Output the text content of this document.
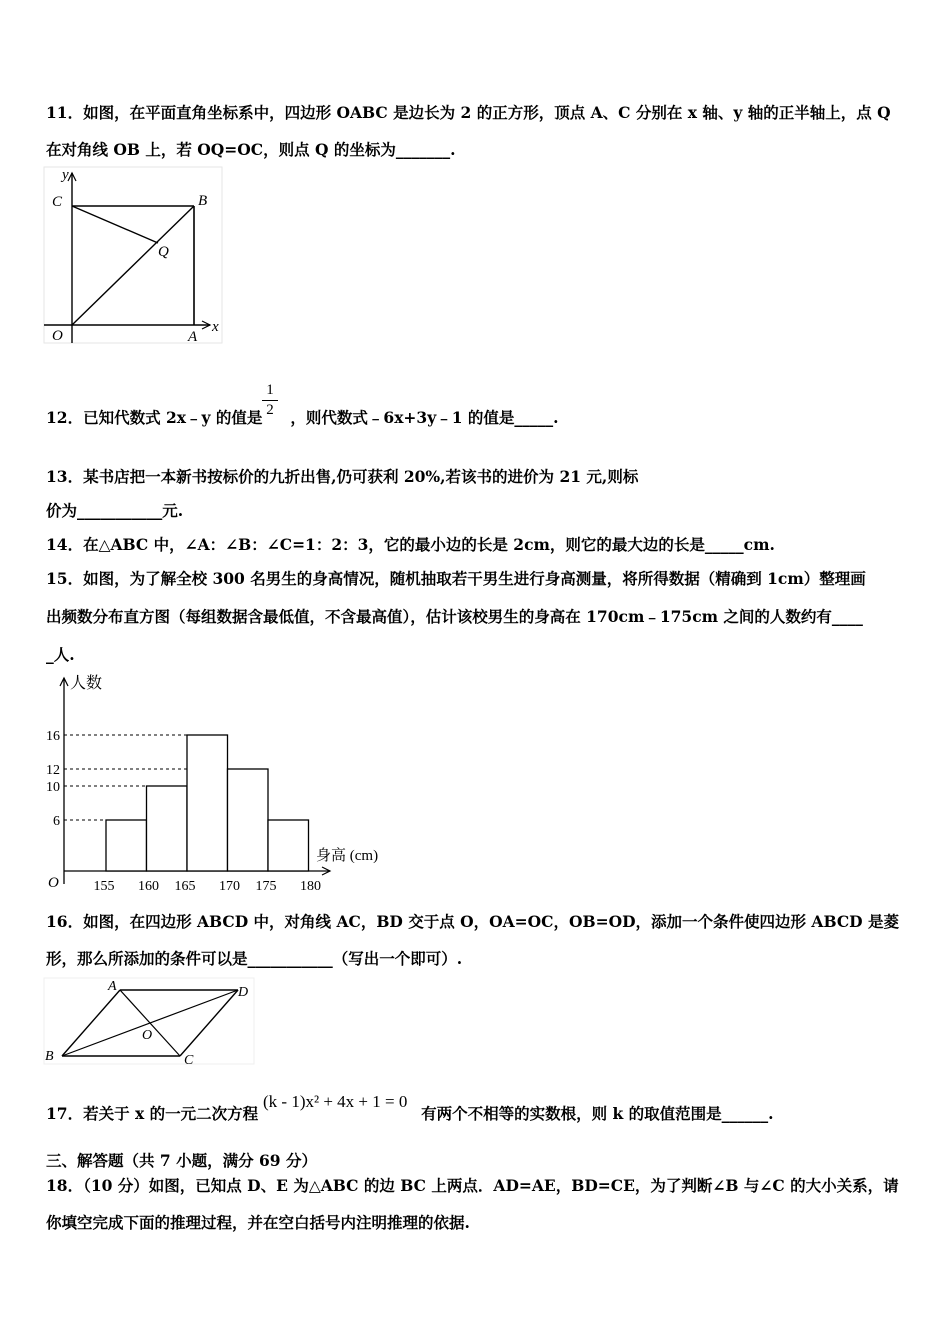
11．如图，在平面直角坐标系中，四边形 OABC 是边长为 2 的正方形，顶点 A、C 分别在 x 轴、y 轴的正半轴上，点 Q
在对角线 OB 上，若 OQ=OC，则点 Q 的坐标为_______.
y
x
C	B
Q
O	A
12．已知代数式 2x﹣y 的值是 ，则代数式﹣6x+3y﹣1 的值是_____.
1
2
13．某书店把一本新书按标价的九折出售,仍可获利 20%,若该书的进价为 21 元,则标
价为___________元.
14．在△ABC 中，∠A：∠B：∠C=1：2：3，它的最小边的长是 2cm，则它的最大边的长是_____cm.
15．如图，为了解全校 300 名男生的身高情况，随机抽取若干男生进行身高测量，将所得数据（精确到 1cm）整理画
出频数分布直方图（每组数据含最低值，不含最高值），估计该校男生的身高在 170cm﹣175cm 之间的人数约有____
_人.
人数
身高 (cm)
O
6
10
12
16
155 160 165 170 175 180
16．如图，在四边形 ABCD 中，对角线 AC，BD 交于点 O，OA=OC，OB=OD，添加一个条件使四边形 ABCD 是菱
形，那么所添加的条件可以是___________（写出一个即可）.
A	D
O
B	C
17．若关于 x 的一元二次方程	有两个不相等的实数根，则 k 的取值范围是______.
(k - 1)x² + 4x + 1 = 0
三、解答题（共 7 小题，满分 69 分）
18．（10 分）如图，已知点 D、E 为△ABC 的边 BC 上两点．AD=AE，BD=CE，为了判断∠B 与∠C 的大小关系，请
你填空完成下面的推理过程，并在空白括号内注明推理的依据.
